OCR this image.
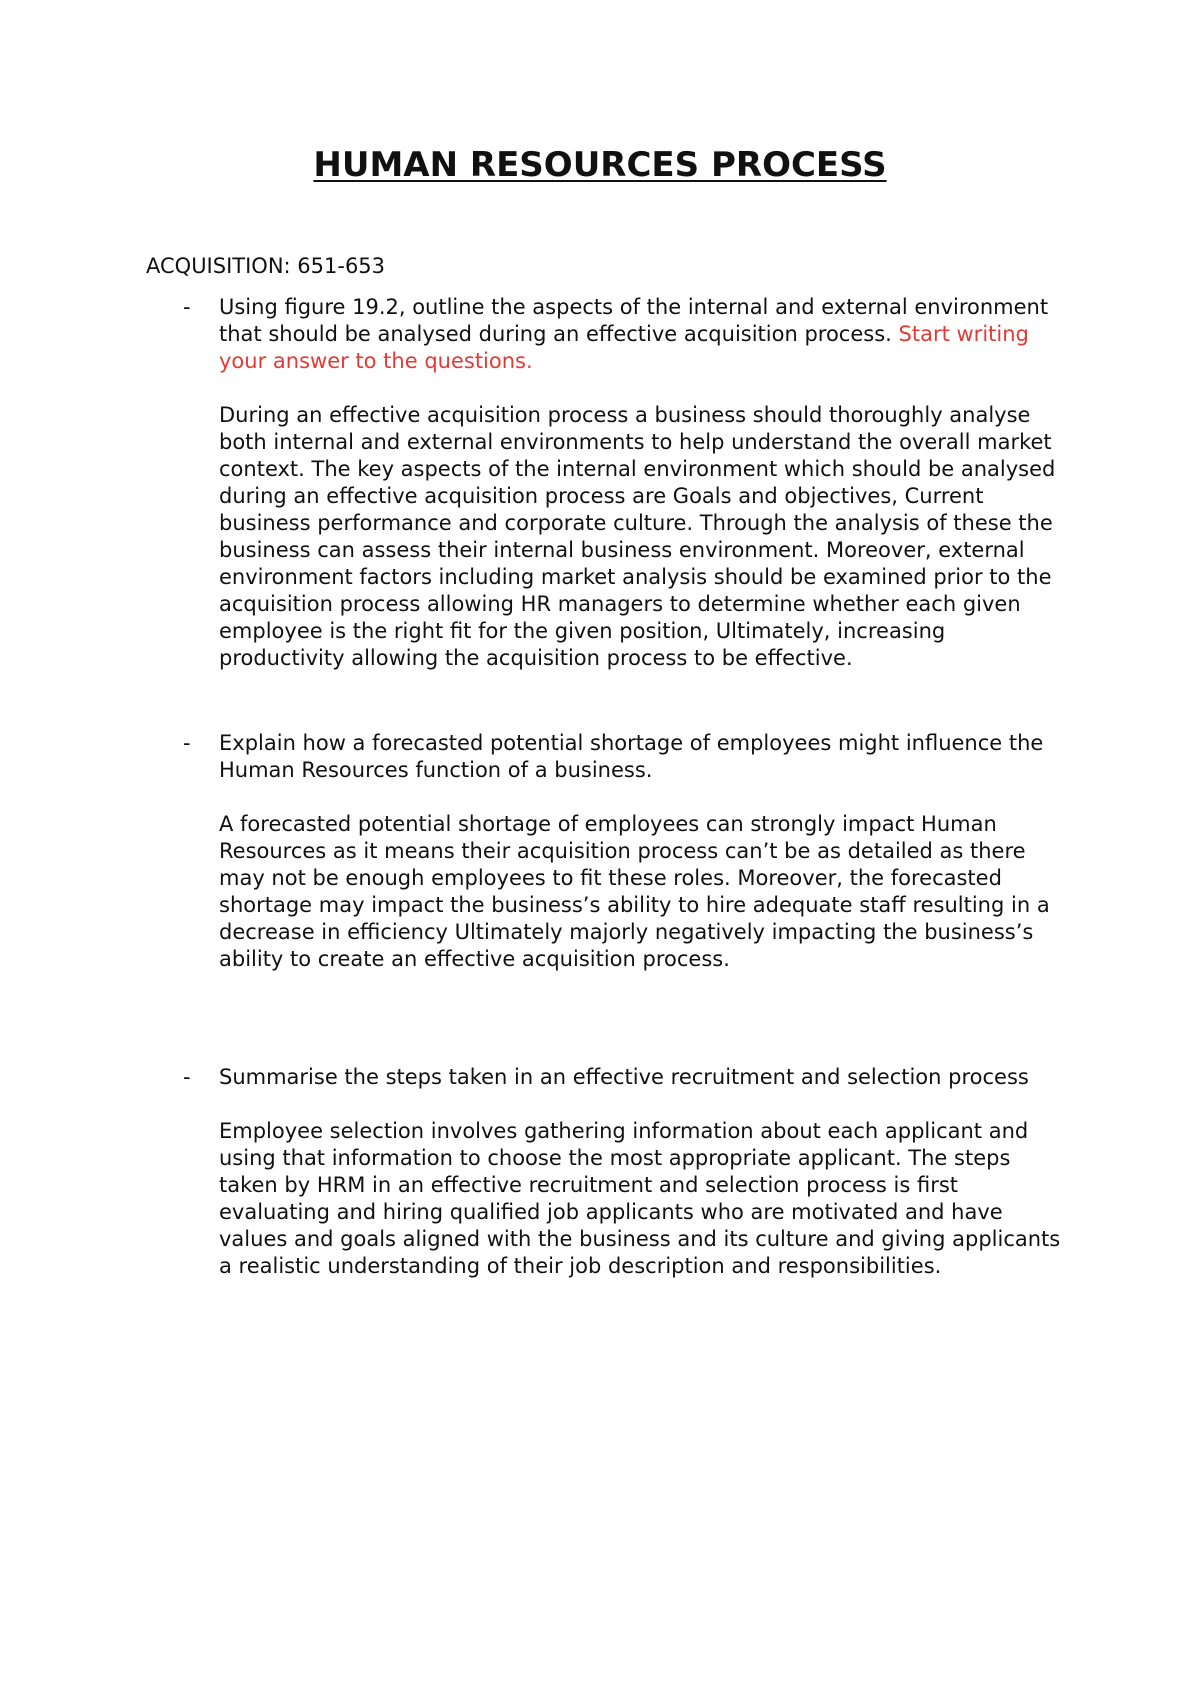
HUMAN RESOURCES PROCESS
ACQUISITION: 651-653
- Using figure 19.2, outline the aspects of the internal and external environment that should be analysed during an effective acquisition process. Start writing your answer to the questions.

During an effective acquisition process a business should thoroughly analyse both internal and external environments to help understand the overall market context. The key aspects of the internal environment which should be analysed during an effective acquisition process are Goals and objectives, Current business performance and corporate culture. Through the analysis of these the business can assess their internal business environment. Moreover, external environment factors including market analysis should be examined prior to the acquisition process allowing HR managers to determine whether each given employee is the right fit for the given position, Ultimately, increasing productivity allowing the acquisition process to be effective.

- Explain how a forecasted potential shortage of employees might influence the Human Resources function of a business.

A forecasted potential shortage of employees can strongly impact Human Resources as it means their acquisition process can’t be as detailed as there may not be enough employees to fit these roles. Moreover, the forecasted shortage may impact the business’s ability to hire adequate staff resulting in a decrease in efficiency Ultimately majorly negatively impacting the business’s ability to create an effective acquisition process.

- Summarise the steps taken in an effective recruitment and selection process

Employee selection involves gathering information about each applicant and using that information to choose the most appropriate applicant. The steps taken by HRM in an effective recruitment and selection process is first evaluating and hiring qualified job applicants who are motivated and have values and goals aligned with the business and its culture and giving applicants a realistic understanding of their job description and responsibilities.
